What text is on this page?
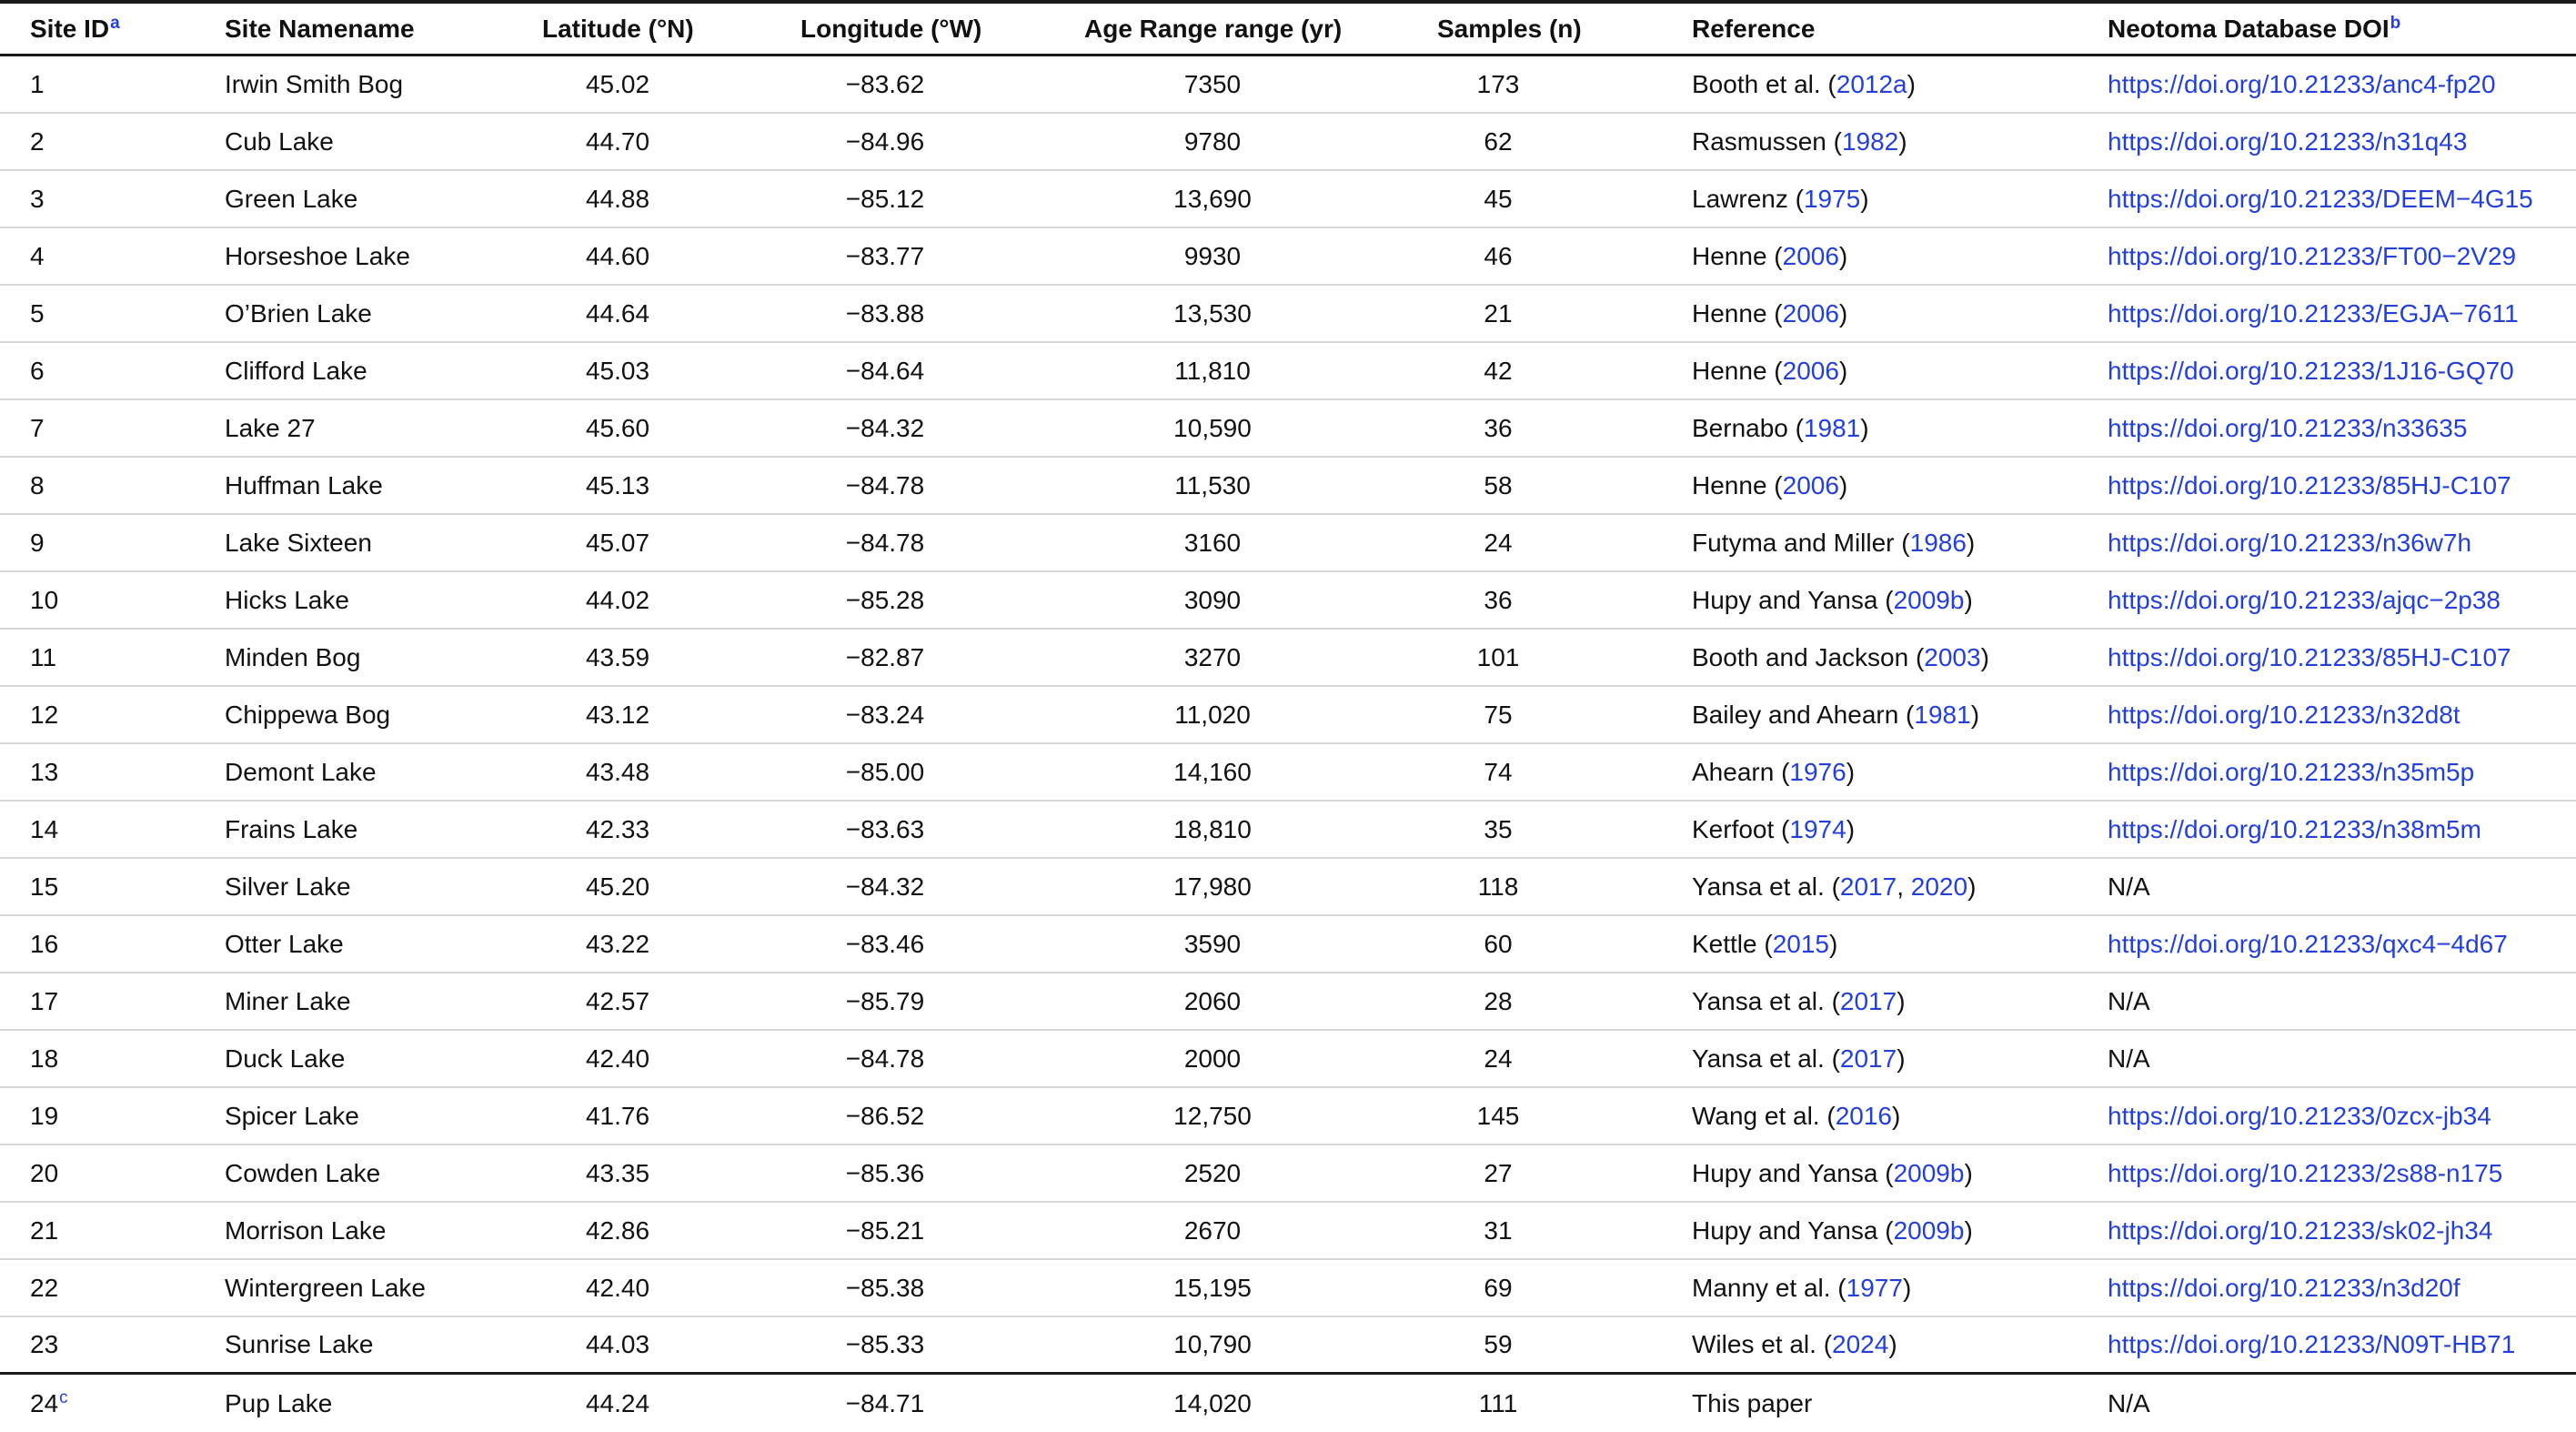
Site $ID^a$	Site Namename	Latitude (°N)	Longitude (°W)	Age Range range (yr)	Samples (n)	Reference	Neotoma Database DOI$^b$
1	Irwin Smith Bog	45.02	−83.62	7350	173	Booth et al. (2012a)	https://doi.org/10.21233/anc4-fp20
2	Cub Lake	44.70	−84.96	9780	62	Rasmussen (1982)	https://doi.org/10.21233/n31q43
3	Green Lake	44.88	−85.12	13,690	45	Lawrenz (1975)	https://doi.org/10.21233/DEEM−4G15
4	Horseshoe Lake	44.60	−83.77	9930	46	Henne (2006)	https://doi.org/10.21233/FT00−2V29
5	O’Brien Lake	44.64	−83.88	13,530	21	Henne (2006)	https://doi.org/10.21233/EGJA−7611
6	Clifford Lake	45.03	−84.64	11,810	42	Henne (2006)	https://doi.org/10.21233/1J16-GQ70
7	Lake 27	45.60	−84.32	10,590	36	Bernabo (1981)	https://doi.org/10.21233/n33635
8	Huffman Lake	45.13	−84.78	11,530	58	Henne (2006)	https://doi.org/10.21233/85HJ-C107
9	Lake Sixteen	45.07	−84.78	3160	24	Futyma and Miller (1986)	https://doi.org/10.21233/n36w7h
10	Hicks Lake	44.02	−85.28	3090	36	Hupy and Yansa (2009b)	https://doi.org/10.21233/ajqc−2p38
11	Minden Bog	43.59	−82.87	3270	101	Booth and Jackson (2003)	https://doi.org/10.21233/85HJ-C107
12	Chippewa Bog	43.12	−83.24	11,020	75	Bailey and Ahearn (1981)	https://doi.org/10.21233/n32d8t
13	Demont Lake	43.48	−85.00	14,160	74	Ahearn (1976)	https://doi.org/10.21233/n35m5p
14	Frains Lake	42.33	−83.63	18,810	35	Kerfoot (1974)	https://doi.org/10.21233/n38m5m
15	Silver Lake	45.20	−84.32	17,980	118	Yansa et al. (2017, 2020)	N/A
16	Otter Lake	43.22	−83.46	3590	60	Kettle (2015)	https://doi.org/10.21233/qxc4−4d67
17	Miner Lake	42.57	−85.79	2060	28	Yansa et al. (2017)	N/A
18	Duck Lake	42.40	−84.78	2000	24	Yansa et al. (2017)	N/A
19	Spicer Lake	41.76	−86.52	12,750	145	Wang et al. (2016)	https://doi.org/10.21233/0zcx-jb34
20	Cowden Lake	43.35	−85.36	2520	27	Hupy and Yansa (2009b)	https://doi.org/10.21233/2s88-n175
21	Morrison Lake	42.86	−85.21	2670	31	Hupy and Yansa (2009b)	https://doi.org/10.21233/sk02-jh34
22	Wintergreen Lake	42.40	−85.38	15,195	69	Manny et al. (1977)	https://doi.org/10.21233/n3d20f
23	Sunrise Lake	44.03	−85.33	10,790	59	Wiles et al. (2024)	https://doi.org/10.21233/N09T-HB71
24$^c$	Pup Lake	44.24	−84.71	14,020	111	This paper	N/A
